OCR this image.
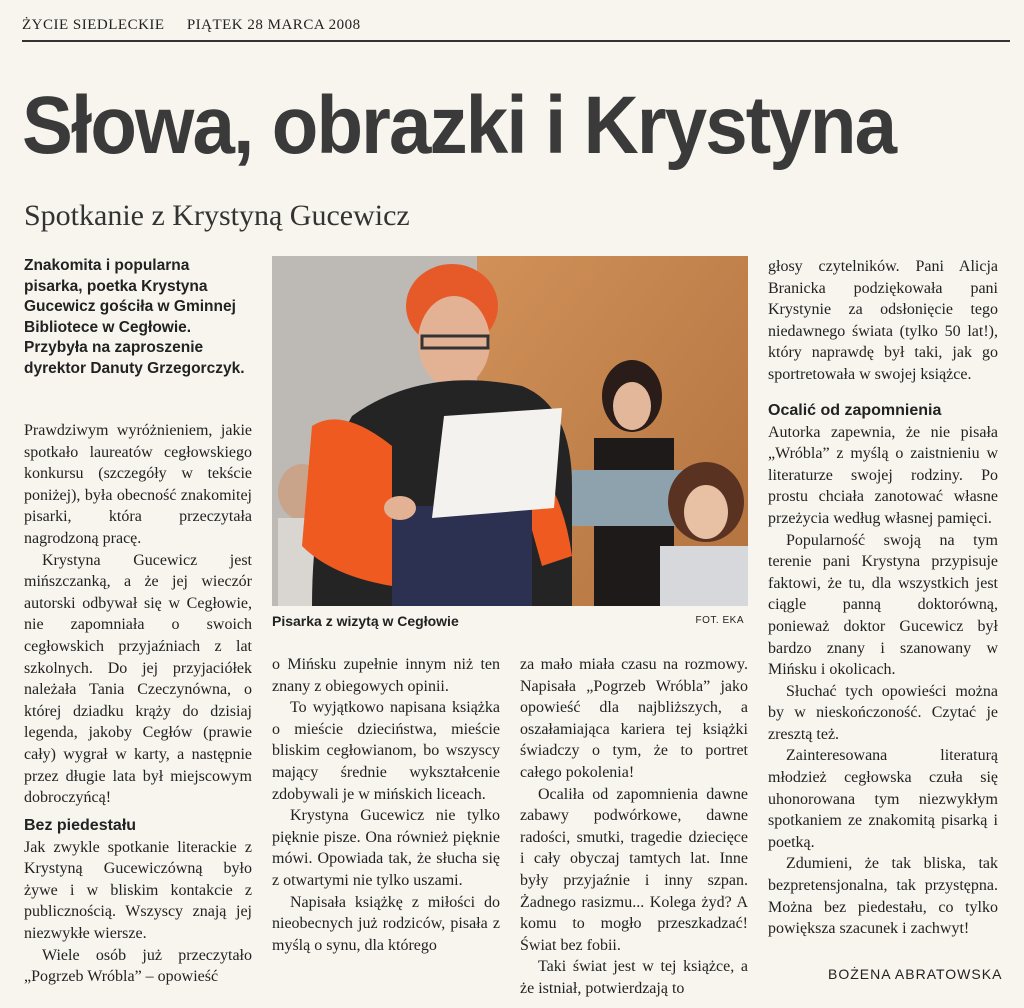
ŻYCIE SIEDLECKIE PIĄTEK 28 MARCA 2008
Słowa, obrazki i Krystyna
Spotkanie z Krystyną Gucewicz
Znakomita i popularna pisarka, poetka Krystyna Gucewicz gościła w Gminnej Bibliotece w Cegłowie. Przybyła na zaproszenie dyrektor Danuty Grzegorczyk.

Prawdziwym wyróżnieniem, jakie spotkało laureatów cegłowskiego konkursu (szczegóły w tekście poniżej), była obecność znakomitej pisarki, która przeczytała nagrodzoną pracę.

Krystyna Gucewicz jest mińszczanką, a że jej wieczór autorski odbywał się w Cegłowie, nie zapomniała o swoich cegłowskich przyjaźniach z lat szkolnych. Do jej przyjaciółek należała Tania Czeczynówna, o której dziadku krąży do dzisiaj legenda, jakoby Cegłów (prawie cały) wygrał w karty, a następnie przez długie lata był miejscowym dobroczyńcą!

Bez piedestału

Jak zwykle spotkanie literackie z Krystyną Gucewiczówną było żywe i w bliskim kontakcie z publicznością. Wszyscy znają jej niezwykłe wiersze.

Wiele osób już przeczytało „Pogrzeb Wróbla” – opowieść

Pisarka z wizytą w Cegłowie	FOT. EKA

o Mińsku zupełnie innym niż ten znany z obiegowych opinii.

To wyjątkowo napisana książka o mieście dzieciństwa, mieście bliskim cegłowianom, bo wszyscy mający średnie wykształcenie zdobywali je w mińskich liceach.

Krystyna Gucewicz nie tylko pięknie pisze. Ona również pięknie mówi. Opowiada tak, że słucha się z otwartymi nie tylko uszami.

Napisała książkę z miłości do nieobecnych już rodziców, pisała z myślą o synu, dla którego

za mało miała czasu na rozmowy. Napisała „Pogrzeb Wróbla” jako opowieść dla najbliższych, a oszałamiająca kariera tej książki świadczy o tym, że to portret całego pokolenia!

Ocaliła od zapomnienia dawne zabawy podwórkowe, dawne radości, smutki, tragedie dziecięce i cały obyczaj tamtych lat. Inne były przyjaźnie i inny szpan. Żadnego rasizmu... Kolega żyd? A komu to mogło przeszkadzać! Świat bez fobii.

Taki świat jest w tej książce, a że istniał, potwierdzają to

głosy czytelników. Pani Alicja Branicka podziękowała pani Krystynie za odsłonięcie tego niedawnego świata (tylko 50 lat!), który naprawdę był taki, jak go sportretowała w swojej książce.

Ocalić od zapomnienia

Autorka zapewnia, że nie pisała „Wróbla” z myślą o zaistnieniu w literaturze swojej rodziny. Po prostu chciała zanotować własne przeżycia według własnej pamięci.

Popularność swoją na tym terenie pani Krystyna przypisuje faktowi, że tu, dla wszystkich jest ciągle panną doktorówną, ponieważ doktor Gucewicz był bardzo znany i szanowany w Mińsku i okolicach.

Słuchać tych opowieści można by w nieskończoność. Czytać je zresztą też.

Zainteresowana literaturą młodzież cegłowska czuła się uhonorowana tym niezwykłym spotkaniem ze znakomitą pisarką i poetką.

Zdumieni, że tak bliska, tak bezpretensjonalna, tak przystępna. Można bez piedestału, co tylko powiększa szacunek i zachwyt!

BOŻENA ABRATOWSKA
